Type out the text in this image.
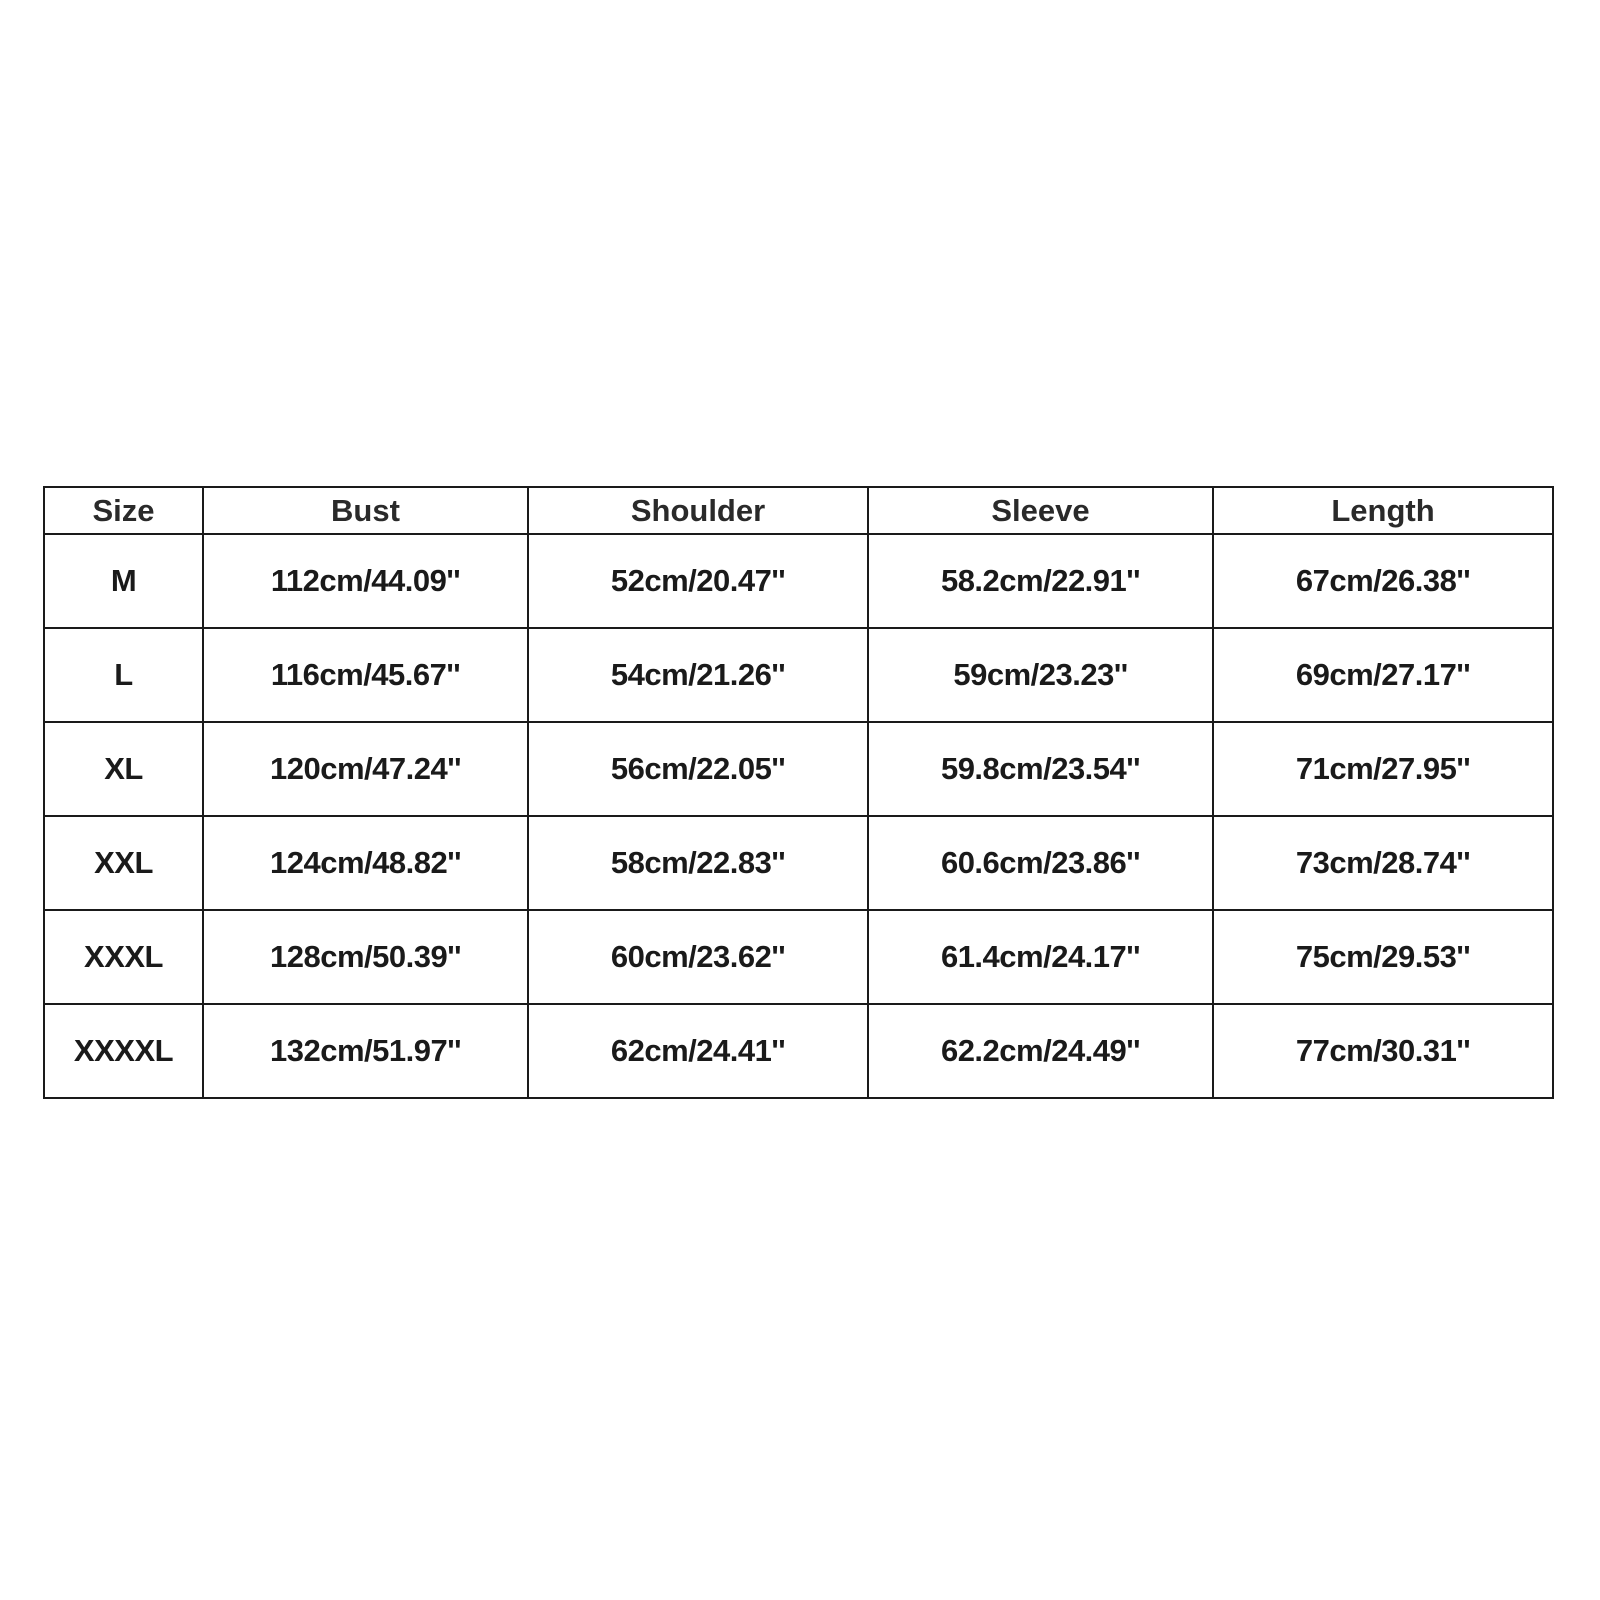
Size	Bust	Shoulder	Sleeve	Length
M	112cm/44.09''	52cm/20.47''	58.2cm/22.91''	67cm/26.38''
L	116cm/45.67''	54cm/21.26''	59cm/23.23''	69cm/27.17''
XL	120cm/47.24''	56cm/22.05''	59.8cm/23.54''	71cm/27.95''
XXL	124cm/48.82''	58cm/22.83''	60.6cm/23.86''	73cm/28.74''
XXXL	128cm/50.39''	60cm/23.62''	61.4cm/24.17''	75cm/29.53''
XXXXL	132cm/51.97''	62cm/24.41''	62.2cm/24.49''	77cm/30.31''
